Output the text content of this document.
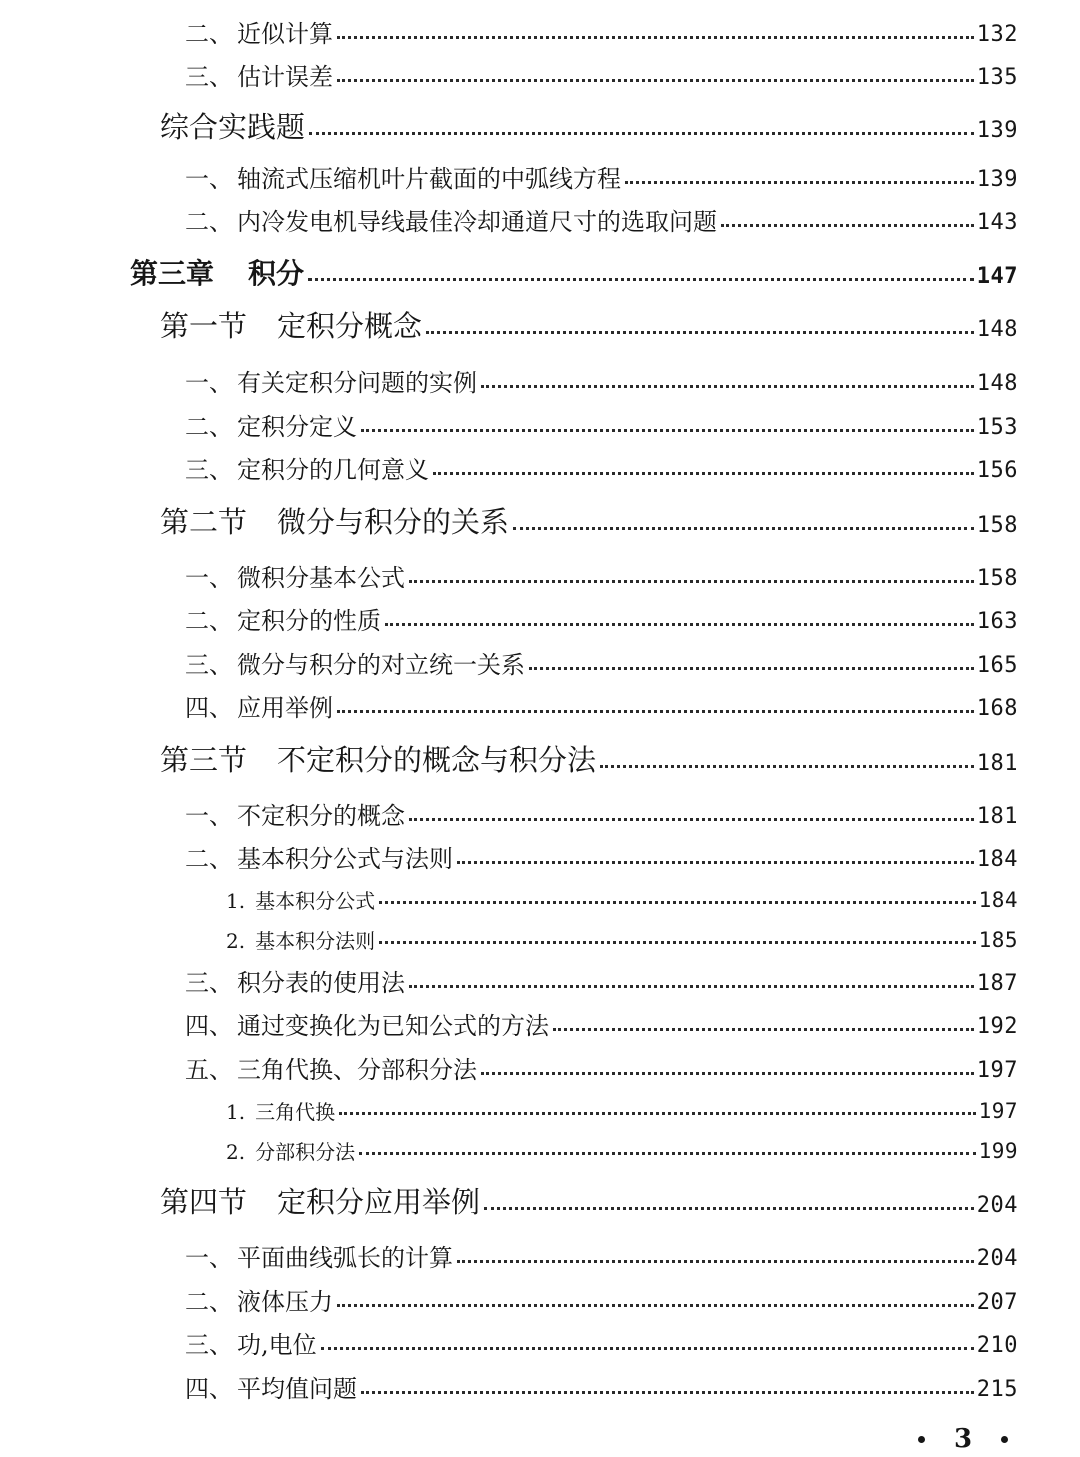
二、 近似计算	132
三、 估计误差	135
综合实践题	139
一、 轴流式压缩机叶片截面的中弧线方程	139
二、 内冷发电机导线最佳冷却通道尺寸的选取问题	143
第三章 积分	147
第一节 定积分概念	148
一、 有关定积分问题的实例	148
二、 定积分定义	153
三、 定积分的几何意义	156
第二节 微分与积分的关系	158
一、 微积分基本公式	158
二、 定积分的性质	163
三、 微分与积分的对立统一关系	165
四、 应用举例	168
第三节 不定积分的概念与积分法	181
一、 不定积分的概念	181
二、 基本积分公式与法则	184
1. 基本积分公式	184
2. 基本积分法则	185
三、 积分表的使用法	187
四、 通过变换化为已知公式的方法	192
五、 三角代换、分部积分法	197
1. 三角代换	197
2. 分部积分法	199
第四节 定积分应用举例	204
一、 平面曲线弧长的计算	204
二、 液体压力	207
三、 功,电位	210
四、 平均值问题	215
3
